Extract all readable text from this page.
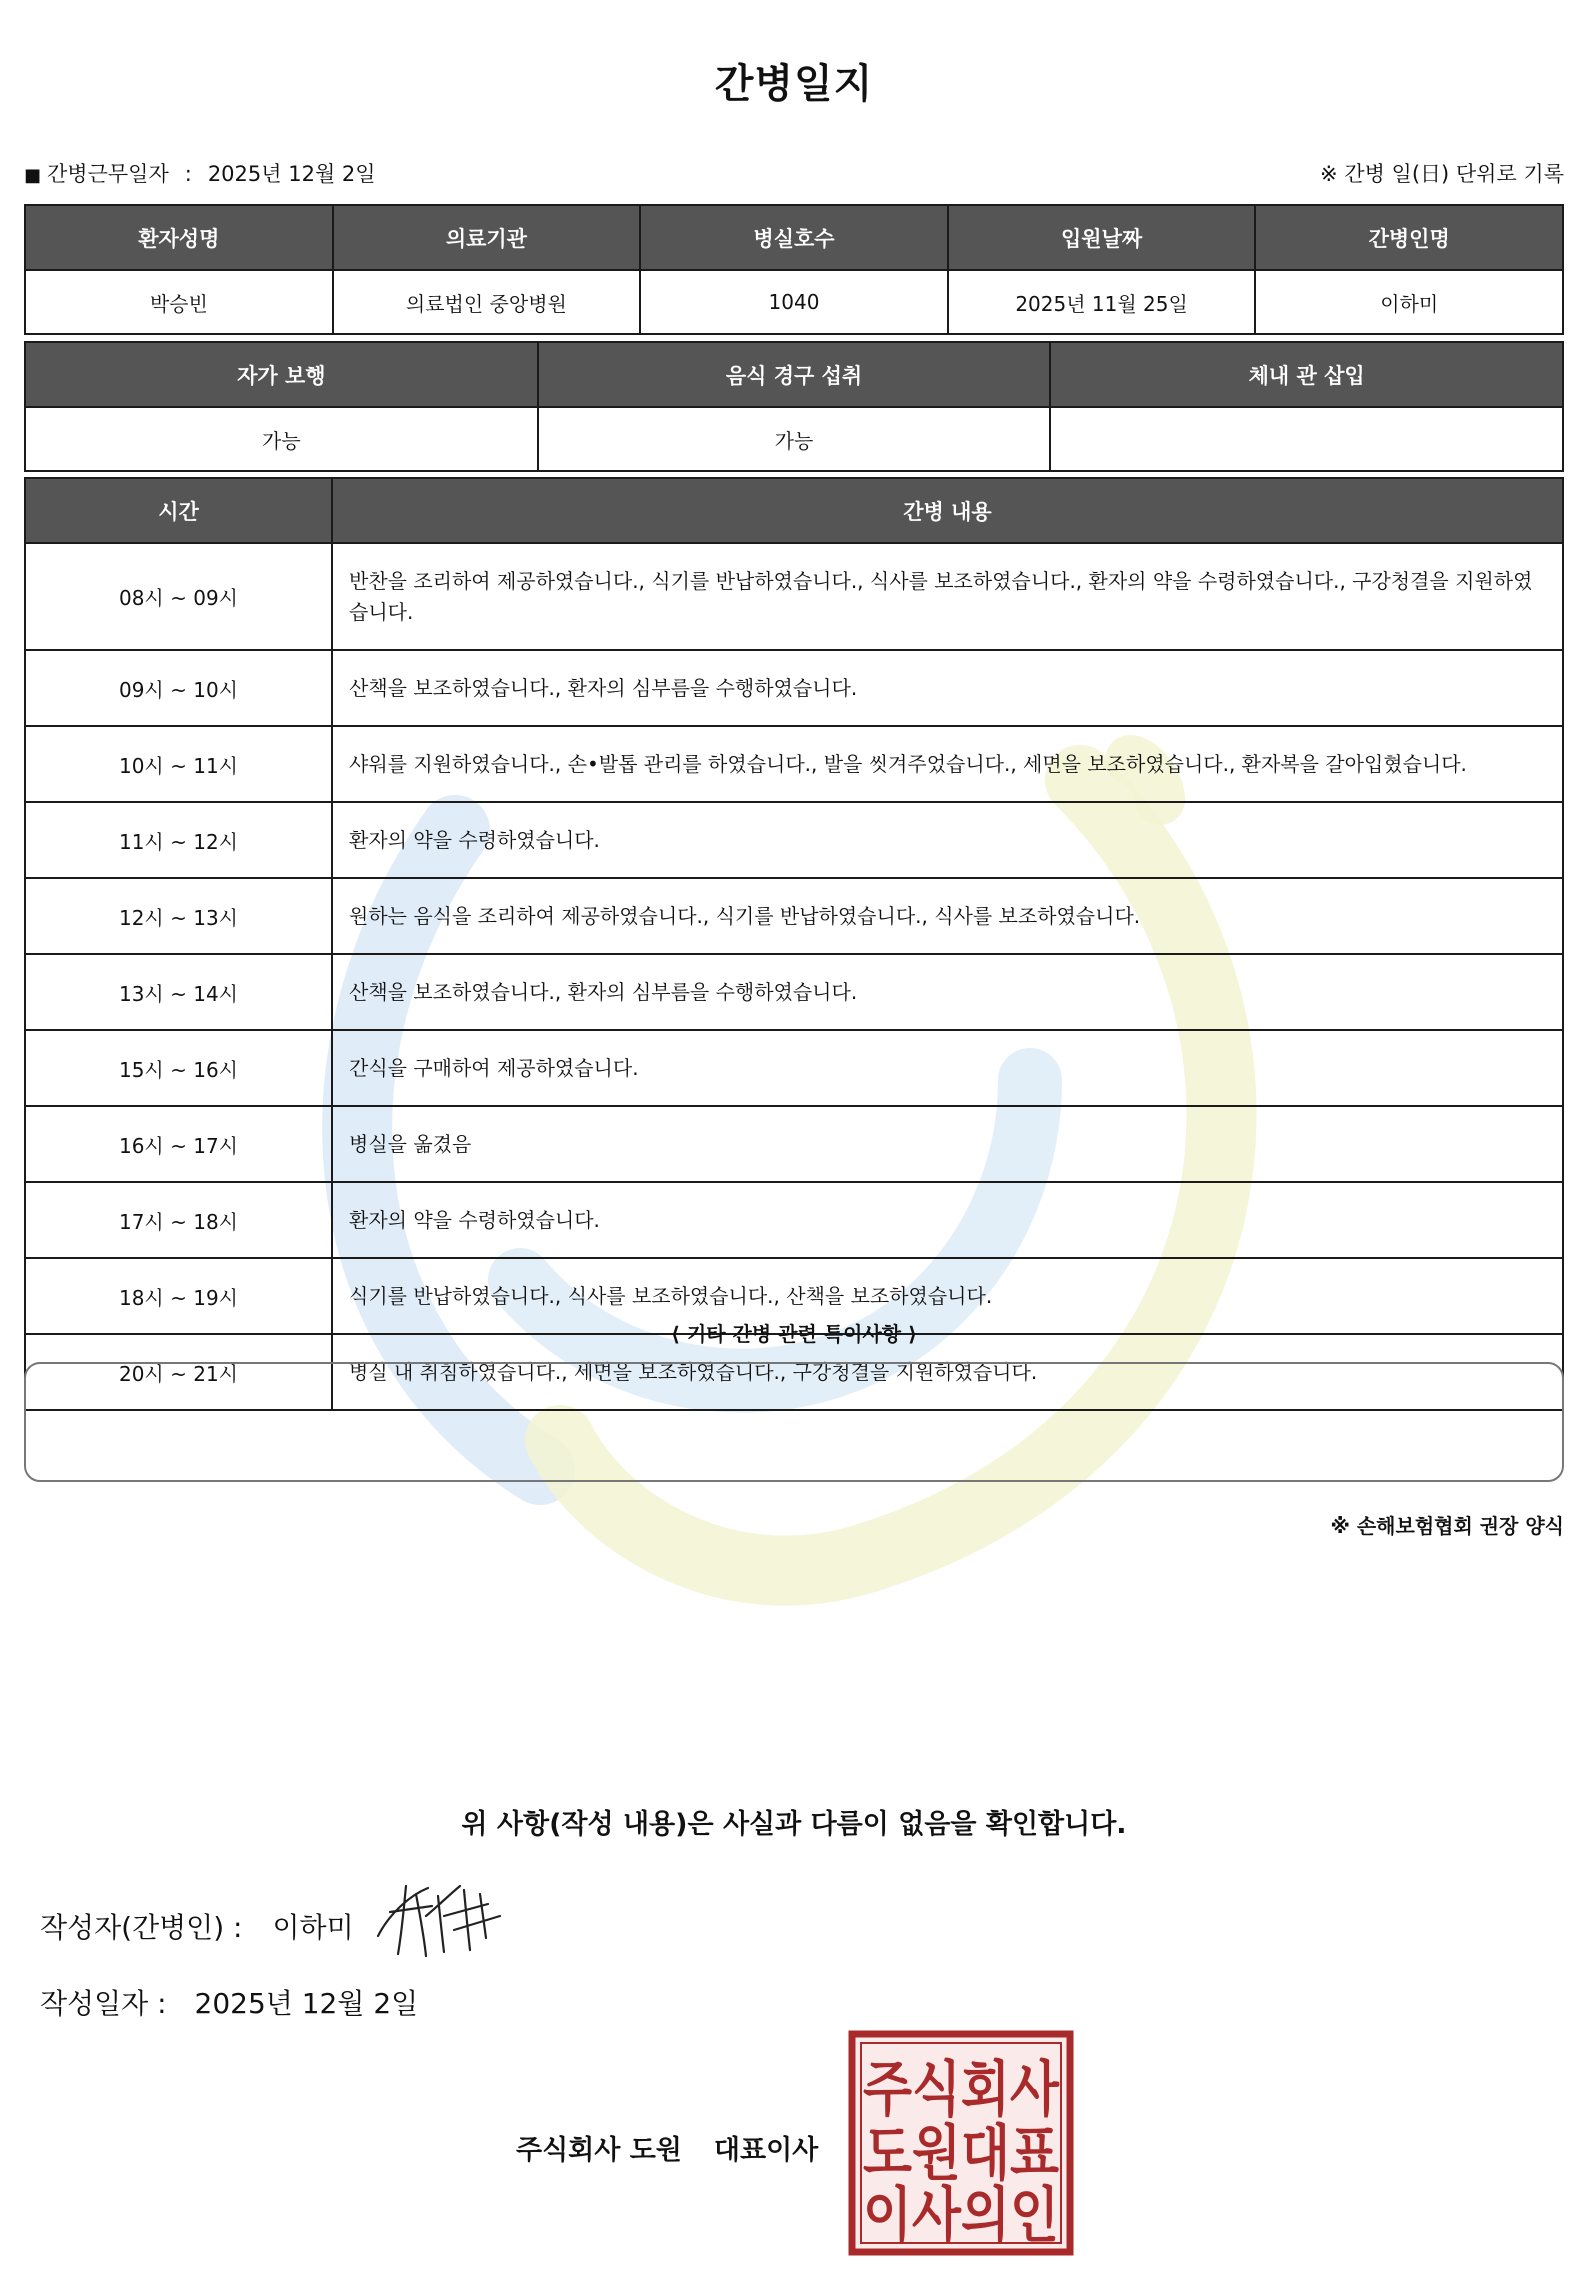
간병일지
■ 간병근무일자 : 2025년 12월 2일	※ 간병 일(日) 단위로 기록
환자성명	의료기관	병실호수	입원날짜	간병인명
박승빈	의료법인 중앙병원	1040	2025년 11월 25일	이하미
자가 보행	음식 경구 섭취	체내 관 삽입
가능	가능	
시간	간병 내용
08시 ~ 09시	반찬을 조리하여 제공하였습니다., 식기를 반납하였습니다., 식사를 보조하였습니다., 환자의 약을 수령하였습니다., 구강청결을 지원하였습니다.
09시 ~ 10시	산책을 보조하였습니다., 환자의 심부름을 수행하였습니다.
10시 ~ 11시	샤워를 지원하였습니다., 손•발톱 관리를 하였습니다., 발을 씻겨주었습니다., 세면을 보조하였습니다., 환자복을 갈아입혔습니다.
11시 ~ 12시	환자의 약을 수령하였습니다.
12시 ~ 13시	원하는 음식을 조리하여 제공하였습니다., 식기를 반납하였습니다., 식사를 보조하였습니다.
13시 ~ 14시	산책을 보조하였습니다., 환자의 심부름을 수행하였습니다.
15시 ~ 16시	간식을 구매하여 제공하였습니다.
16시 ~ 17시	병실을 옮겼음
17시 ~ 18시	환자의 약을 수령하였습니다.
18시 ~ 19시	식기를 반납하였습니다., 식사를 보조하였습니다., 산책을 보조하였습니다.
20시 ~ 21시	병실 내 취침하였습니다., 세면을 보조하였습니다., 구강청결을 지원하였습니다.
⟨ 기타 간병 관련 특이사항 ⟩
※ 손해보험협회 권장 양식
위 사항(작성 내용)은 사실과 다름이 없음을 확인합니다.
작성자(간병인) : 이하미
작성일자 : 2025년 12월 2일
주식회사 도원 대표이사
주식회사
도원대표
이사의인
